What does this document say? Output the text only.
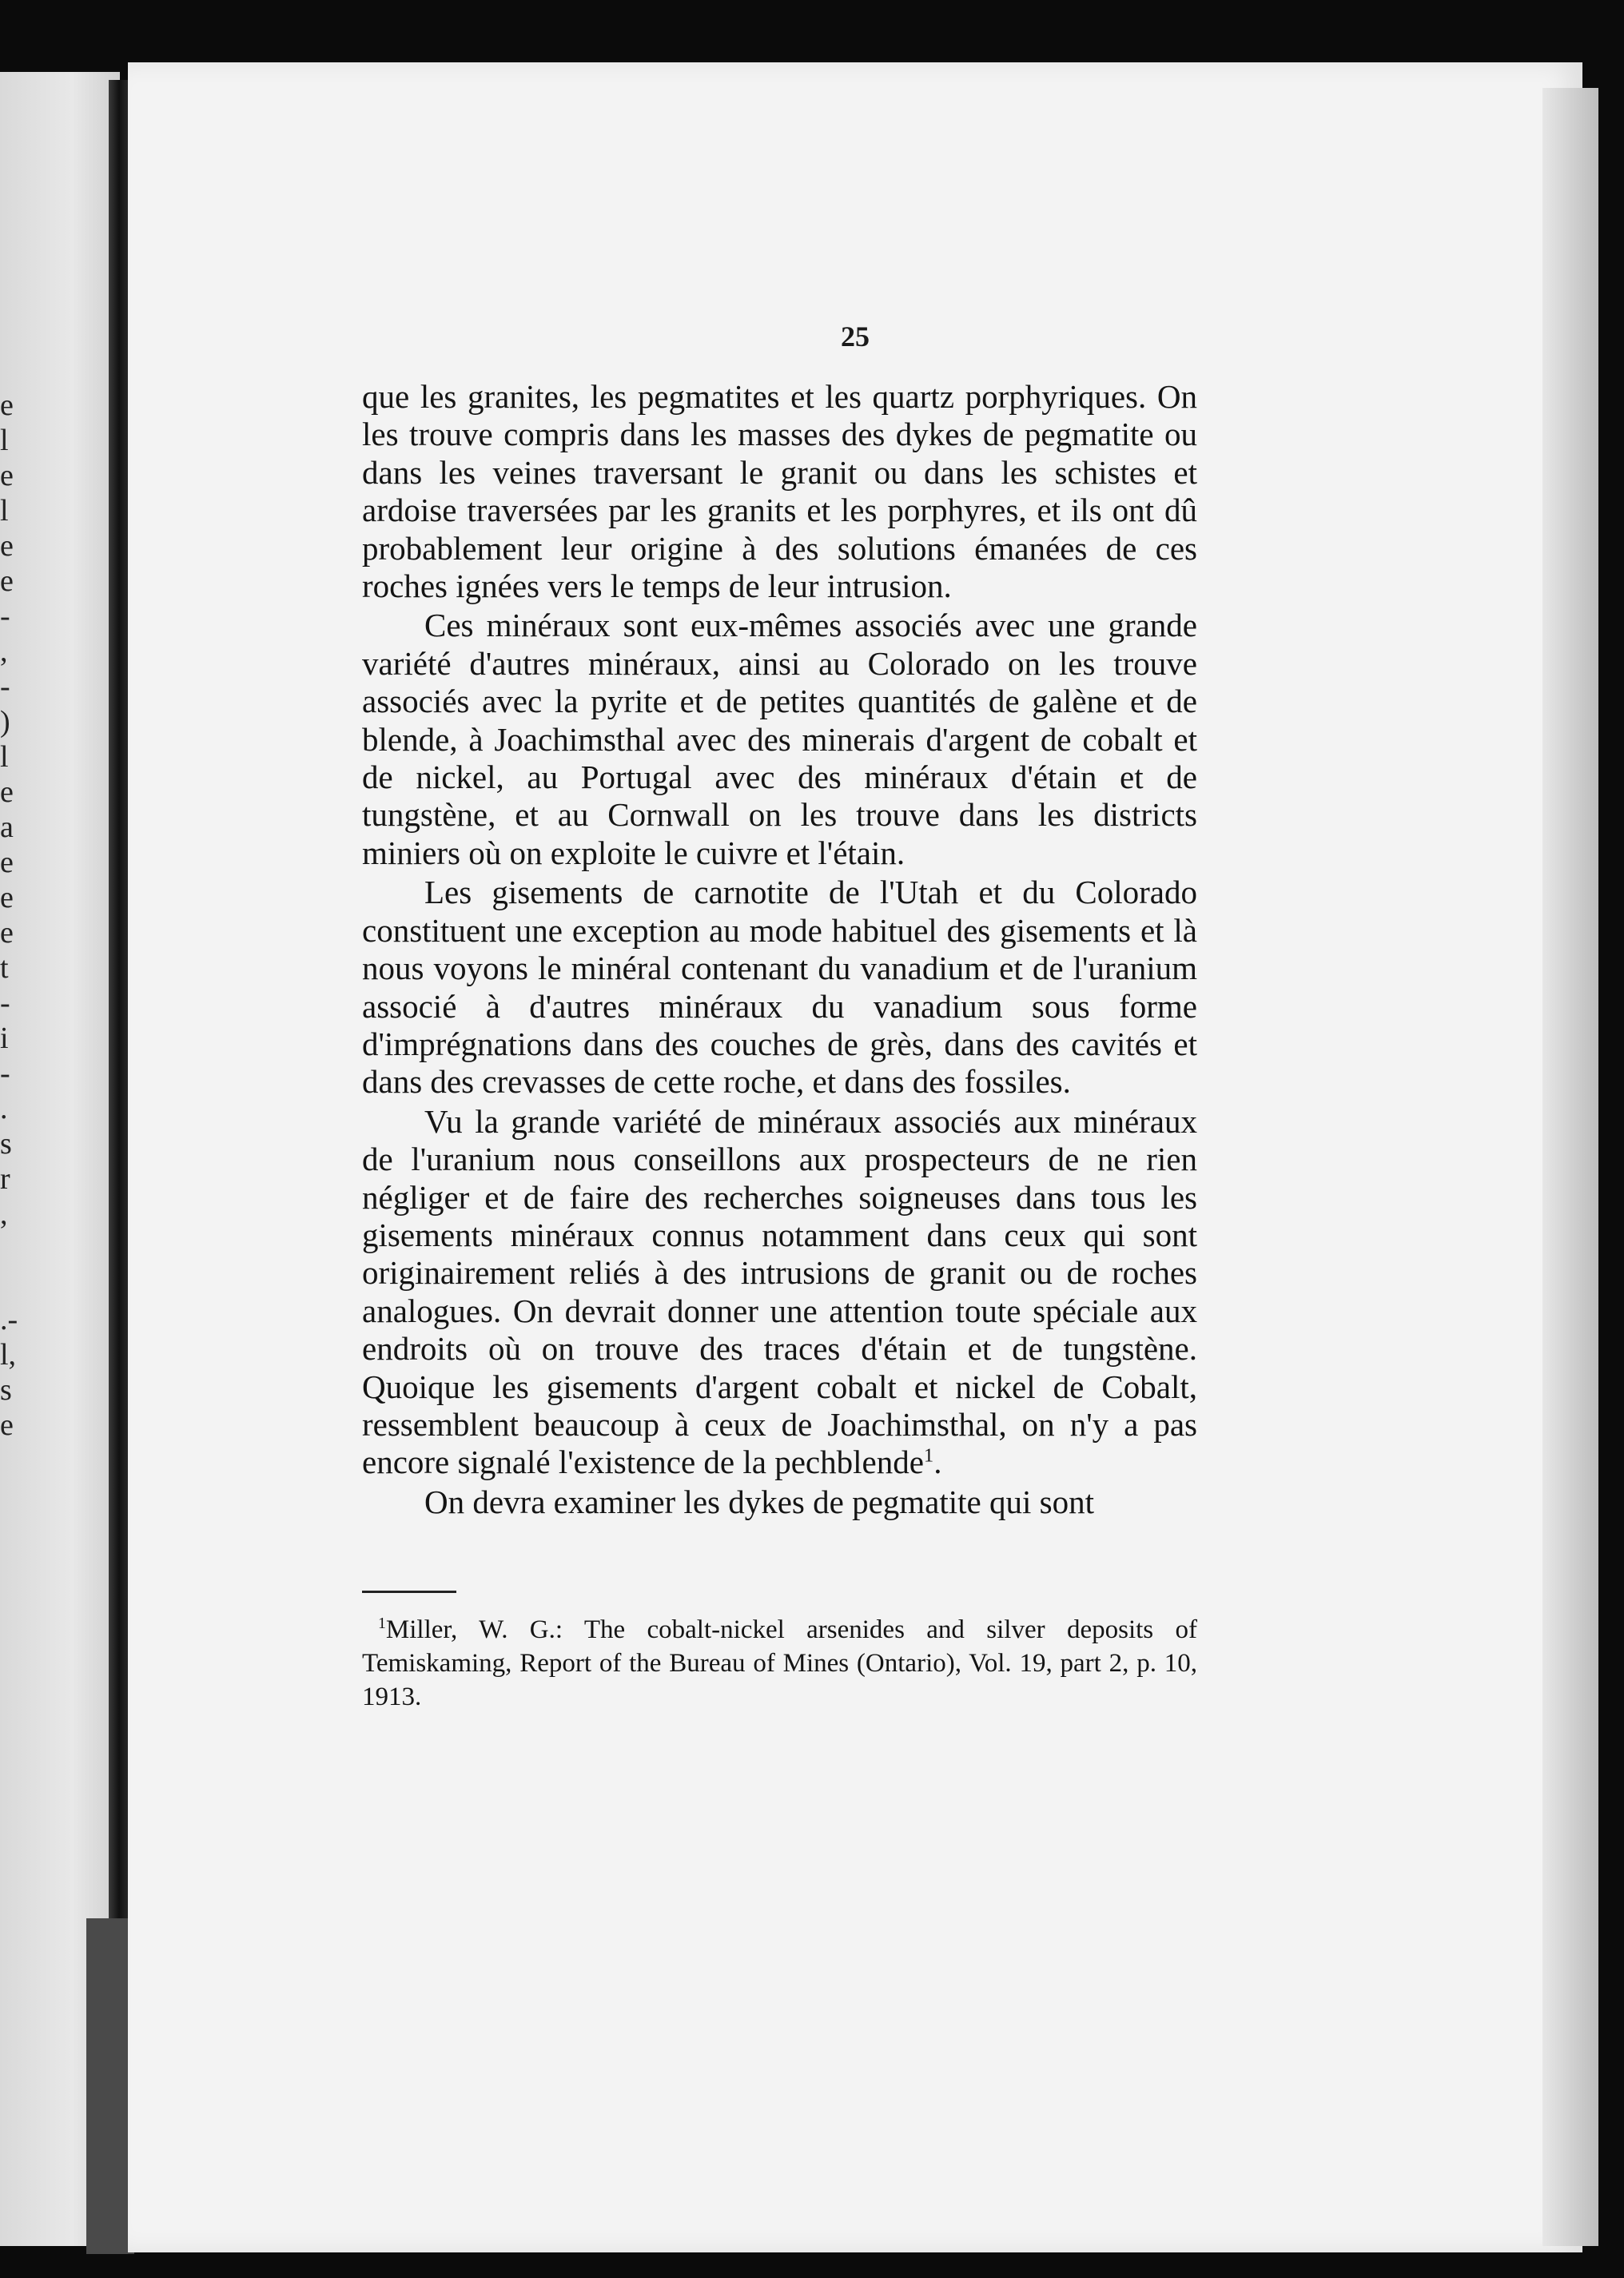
e
l
e
l
e
e
-
,
-
)
l
e
a
e
e
e
t
-
i
-
.
s
r
,
.-
l,
s
e
25

que les granites, les pegmatites et les quartz porphyriques. On les trouve compris dans les masses des dykes de pegmatite ou dans les veines traversant le granit ou dans les schistes et ardoise traversées par les granits et les porphyres, et ils ont dû probablement leur origine à des solutions émanées de ces roches ignées vers le temps de leur intrusion.

Ces minéraux sont eux-mêmes associés avec une grande variété d'autres minéraux, ainsi au Colorado on les trouve associés avec la pyrite et de petites quantités de galène et de blende, à Joachimsthal avec des minerais d'argent de cobalt et de nickel, au Portugal avec des minéraux d'étain et de tungstène, et au Cornwall on les trouve dans les districts miniers où on exploite le cuivre et l'étain.

Les gisements de carnotite de l'Utah et du Colorado constituent une exception au mode habituel des gisements et là nous voyons le minéral contenant du vanadium et de l'uranium associé à d'autres minéraux du vanadium sous forme d'imprégnations dans des couches de grès, dans des cavités et dans des crevasses de cette roche, et dans des fossiles.

Vu la grande variété de minéraux associés aux minéraux de l'uranium nous conseillons aux prospecteurs de ne rien négliger et de faire des recherches soigneuses dans tous les gisements minéraux connus notamment dans ceux qui sont originairement reliés à des intrusions de granit ou de roches analogues. On devrait donner une attention toute spéciale aux endroits où on trouve des traces d'étain et de tungstène. Quoique les gisements d'argent cobalt et nickel de Cobalt, ressemblent beaucoup à ceux de Joachimsthal, on n'y a pas encore signalé l'existence de la pechblende$^1$.

On devra examiner les dykes de pegmatite qui sont

$^1$Miller, W. G.: The cobalt-nickel arsenides and silver deposits of Temiskaming, Report of the Bureau of Mines (Ontario), Vol. 19, part 2, p. 10, 1913.
